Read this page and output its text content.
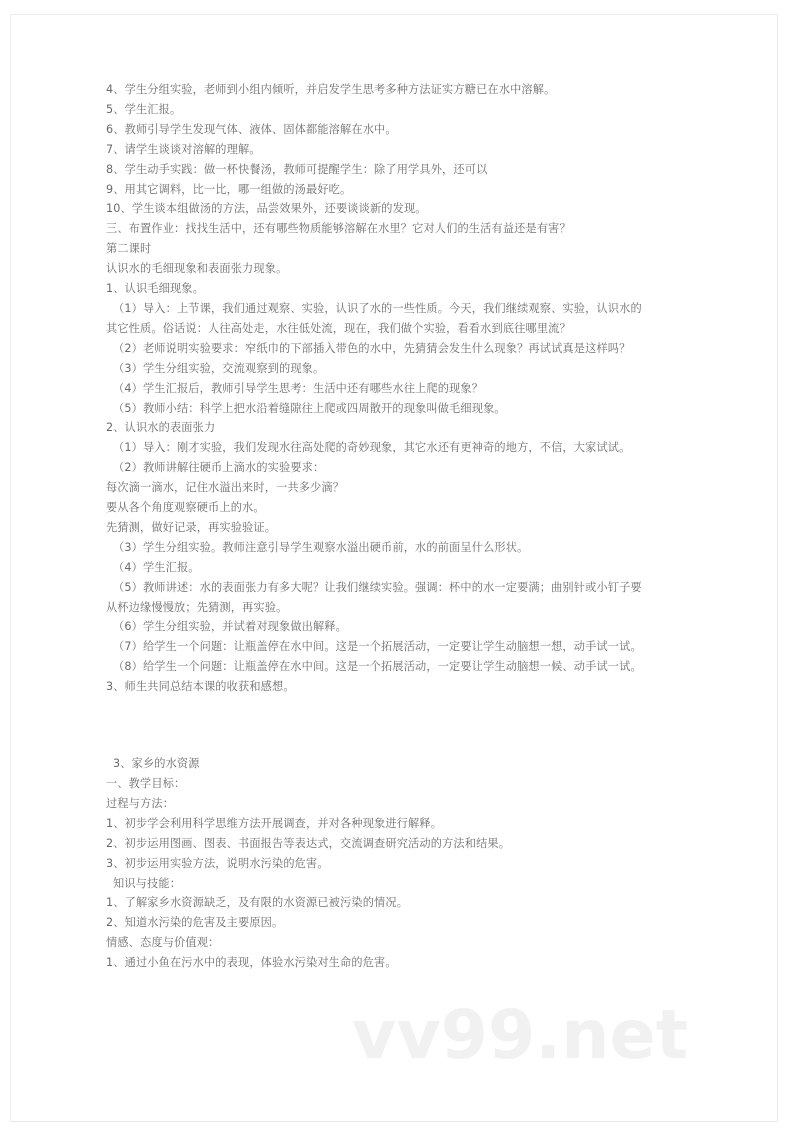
4、学生分组实验，老师到小组内倾听，并启发学生思考多种方法证实方糖已在水中溶解。
5、学生汇报。
6、教师引导学生发现气体、液体、固体都能溶解在水中。
7、请学生谈谈对溶解的理解。
8、学生动手实践：做一杯快餐汤，教师可提醒学生：除了用学具外，还可以
9、用其它调料，比一比，哪一组做的汤最好吃。
10、学生谈本组做汤的方法，品尝效果外，还要谈谈新的发现。
三、布置作业：找找生活中，还有哪些物质能够溶解在水里？它对人们的生活有益还是有害？
第二课时
认识水的毛细现象和表面张力现象。
1、认识毛细现象。
（1）导入：上节课，我们通过观察、实验，认识了水的一些性质。今天，我们继续观察、实验，认识水的
其它性质。俗话说：人往高处走，水往低处流，现在，我们做个实验，看看水到底往哪里流？
（2）老师说明实验要求：窄纸巾的下部插入带色的水中，先猜猜会发生什么现象？再试试真是这样吗？
（3）学生分组实验，交流观察到的现象。
（4）学生汇报后，教师引导学生思考：生活中还有哪些水往上爬的现象？
（5）教师小结：科学上把水沿着缝隙往上爬或四周散开的现象叫做毛细现象。
2、认识水的表面张力
（1）导入：刚才实验，我们发现水往高处爬的奇妙现象，其它水还有更神奇的地方，不信，大家试试。
（2）教师讲解往硬币上滴水的实验要求：
每次滴一滴水，记住水溢出来时，一共多少滴？
要从各个角度观察硬币上的水。
先猜测，做好记录，再实验验证。
（3）学生分组实验。教师注意引导学生观察水溢出硬币前，水的前面呈什么形状。
（4）学生汇报。
（5）教师讲述：水的表面张力有多大呢？让我们继续实验。强调：杯中的水一定要满；曲别针或小钉子要
从杯边缘慢慢放；先猜测，再实验。
（6）学生分组实验，并试着对现象做出解释。
（7）给学生一个问题：让瓶盖停在水中间。这是一个拓展活动，一定要让学生动脑想一想，动手试一试。
（8）给学生一个问题：让瓶盖停在水中间。这是一个拓展活动，一定要让学生动脑想一候、动手试一试。
3、师生共同总结本课的收获和感想。
3、家乡的水资源
一、教学目标：
过程与方法：
1、初步学会利用科学思维方法开展调查，并对各种现象进行解释。
2、初步运用图画、图表、书面报告等表达式，交流调查研究活动的方法和结果。
3、初步运用实验方法，说明水污染的危害。
知识与技能：
1、了解家乡水资源缺乏，及有限的水资源已被污染的情况。
2、知道水污染的危害及主要原因。
情感、态度与价值观：
1、通过小鱼在污水中的表现，体验水污染对生命的危害。
vv99.net
